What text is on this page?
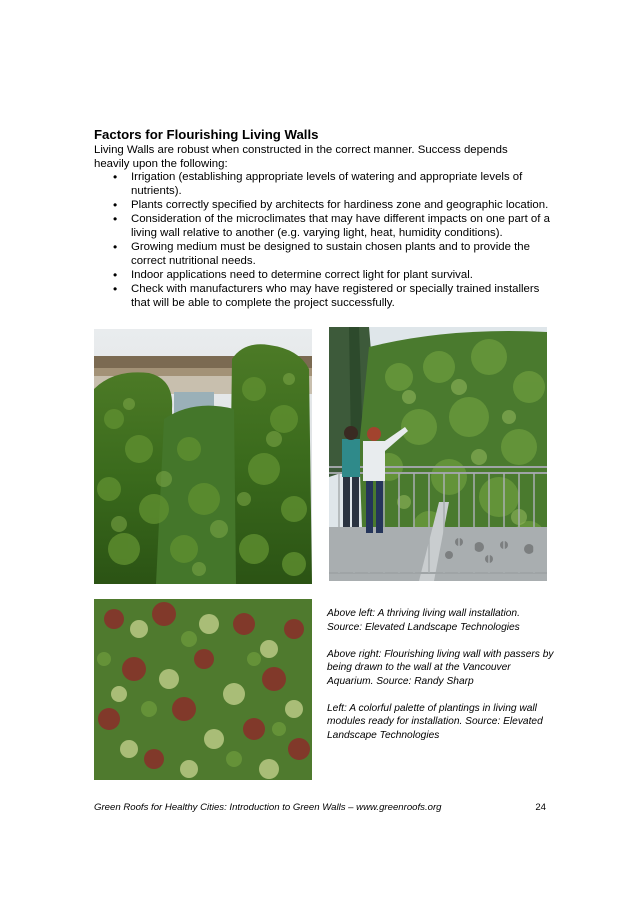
Factors for Flourishing Living Walls
Living Walls are robust when constructed in the correct manner. Success depends heavily upon the following:
• Irrigation (establishing appropriate levels of watering and appropriate levels of nutrients).
• Plants correctly specified by architects for hardiness zone and geographic location.
• Consideration of the microclimates that may have different impacts on one part of a living wall relative to another (e.g. varying light, heat, humidity conditions).
• Growing medium must be designed to sustain chosen plants and to provide the correct nutritional needs.
• Indoor applications need to determine correct light for plant survival.
• Check with manufacturers who may have registered or specially trained installers that will be able to complete the project successfully.

Above left: A thriving living wall installation. Source: Elevated Landscape Technologies

Above right: Flourishing living wall with passers by being drawn to the wall at the Vancouver Aquarium. Source: Randy Sharp

Left: A colorful palette of plantings in living wall modules ready for installation. Source: Elevated Landscape Technologies

Green Roofs for Healthy Cities: Introduction to Green Walls – www.greenroofs.org	24
